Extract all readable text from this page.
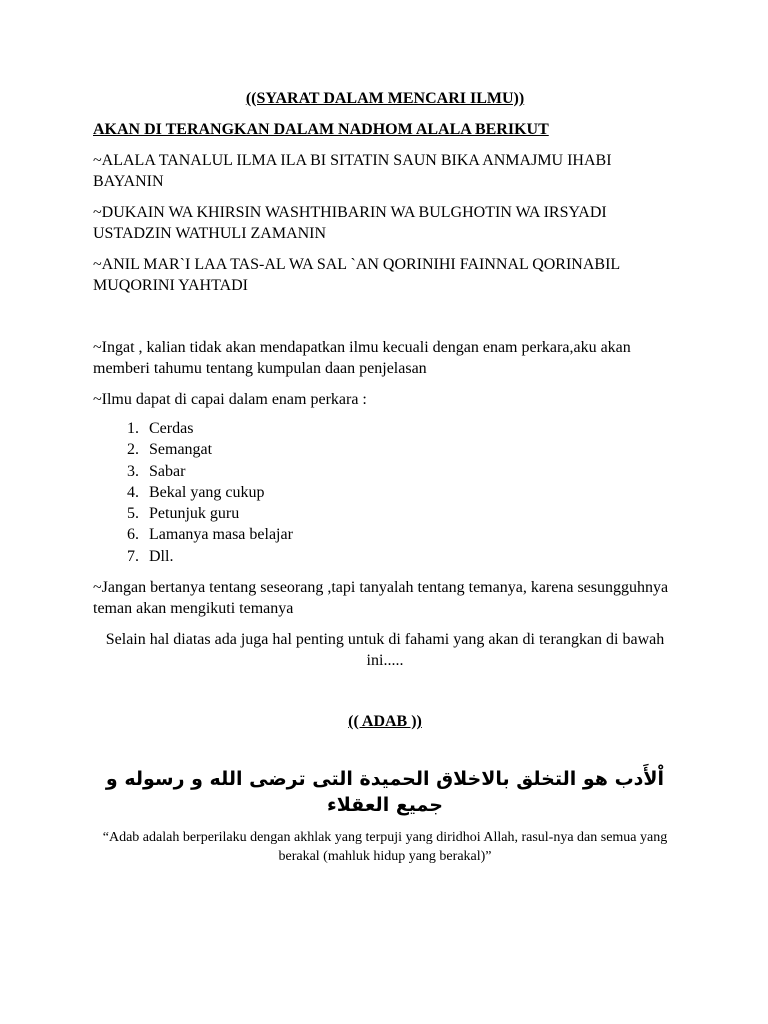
((SYARAT DALAM MENCARI ILMU))
AKAN DI TERANGKAN DALAM NADHOM ALALA BERIKUT
~ALALA TANALUL ILMA ILA BI SITATIN SAUN BIKA ANMAJMU IHABI BAYANIN
~DUKAIN WA KHIRSIN WASHTHIBARIN WA BULGHOTIN WA IRSYADI USTADZIN WATHULI ZAMANIN
~ANIL MAR`I LAA TAS-AL WA SAL `AN QORINIHI FAINNAL QORINABIL MUQORINI YAHTADI
~Ingat , kalian tidak akan mendapatkan ilmu kecuali dengan enam perkara,aku akan memberi tahumu tentang kumpulan daan penjelasan
~Ilmu dapat di capai dalam enam perkara :
1. Cerdas
2. Semangat
3. Sabar
4. Bekal yang cukup
5. Petunjuk guru
6. Lamanya masa belajar
7. Dll.
~Jangan bertanya tentang seseorang ,tapi tanyalah tentang temanya, karena sesungguhnya teman akan mengikuti temanya
Selain hal diatas ada juga hal penting untuk di fahami yang akan di terangkan di bawah ini.....
(( ADAB ))
اْلأَدب هو التخلق بالاخلاق الحميدة التى ترضى الله و رسوله و جميع العقلاء
“Adab adalah berperilaku dengan akhlak yang terpuji yang diridhoi Allah, rasul-nya dan semua yang berakal (mahluk hidup yang berakal)”
